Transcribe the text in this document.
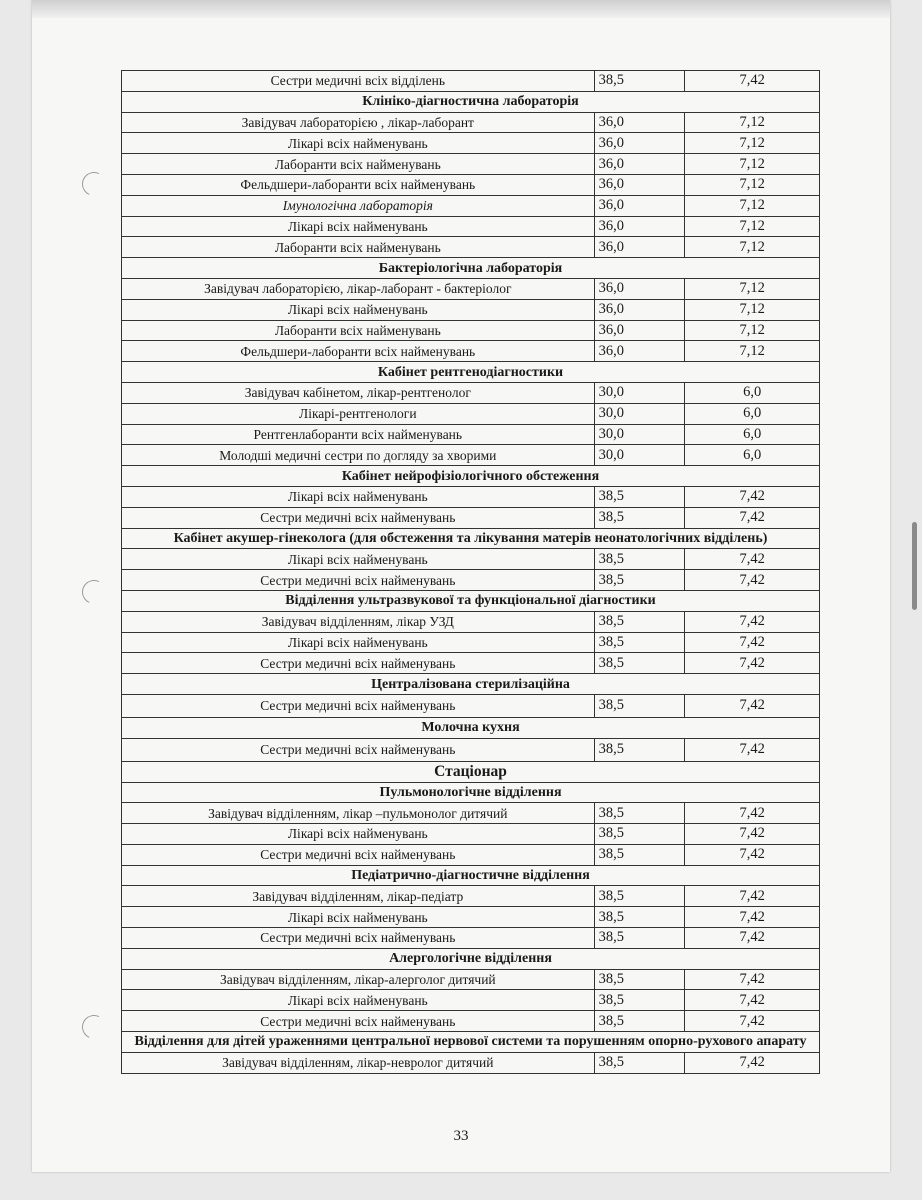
Сестри медичні всіх відділень	38,5	7,42
Клініко-діагностична лабораторія		
Завідувач лабораторією , лікар-лаборант	36,0	7,12
Лікарі всіх найменувань	36,0	7,12
Лаборанти всіх найменувань	36,0	7,12
Фельдшери-лаборанти всіх найменувань	36,0	7,12
Імунологічна лабораторія	36,0	7,12
Лікарі всіх найменувань	36,0	7,12
Лаборанти всіх найменувань	36,0	7,12
Бактеріологічна лабораторія		
Завідувач лабораторією, лікар-лаборант - бактеріолог	36,0	7,12
Лікарі всіх найменувань	36,0	7,12
Лаборанти всіх найменувань	36,0	7,12
Фельдшери-лаборанти всіх найменувань	36,0	7,12
Кабінет рентгенодіагностики		
Завідувач кабінетом, лікар-рентгенолог	30,0	6,0
Лікарі-рентгенологи	30,0	6,0
Рентгенлаборанти всіх найменувань	30,0	6,0
Молодші медичні сестри по догляду за хворими	30,0	6,0
Кабінет нейрофізіологічного обстеження		
Лікарі всіх найменувань	38,5	7,42
Сестри медичні всіх найменувань	38,5	7,42
Кабінет акушер-гінеколога (для обстеження та лікування матерів неонатологічних відділень)		
Лікарі всіх найменувань	38,5	7,42
Сестри медичні всіх найменувань	38,5	7,42
Відділення ультразвукової та функціональної діагностики		
Завідувач відділенням, лікар УЗД	38,5	7,42
Лікарі всіх найменувань	38,5	7,42
Сестри медичні всіх найменувань	38,5	7,42
Централізована стерилізаційна		
Сестри медичні всіх найменувань	38,5	7,42
Молочна кухня		
Сестри медичні всіх найменувань	38,5	7,42
Стаціонар		
Пульмонологічне відділення		
Завідувач відділенням, лікар –пульмонолог дитячий	38,5	7,42
Лікарі всіх найменувань	38,5	7,42
Сестри медичні всіх найменувань	38,5	7,42
Педіатрично-діагностичне відділення		
Завідувач відділенням, лікар-педіатр	38,5	7,42
Лікарі всіх найменувань	38,5	7,42
Сестри медичні всіх найменувань	38,5	7,42
Алергологічне відділення		
Завідувач відділенням, лікар-алерголог дитячий	38,5	7,42
Лікарі всіх найменувань	38,5	7,42
Сестри медичні всіх найменувань	38,5	7,42
Відділення для дітей ураженнями центральної нервової системи та порушенням опорно-рухового апарату		
Завідувач відділенням, лікар-невролог дитячий	38,5	7,42
33
